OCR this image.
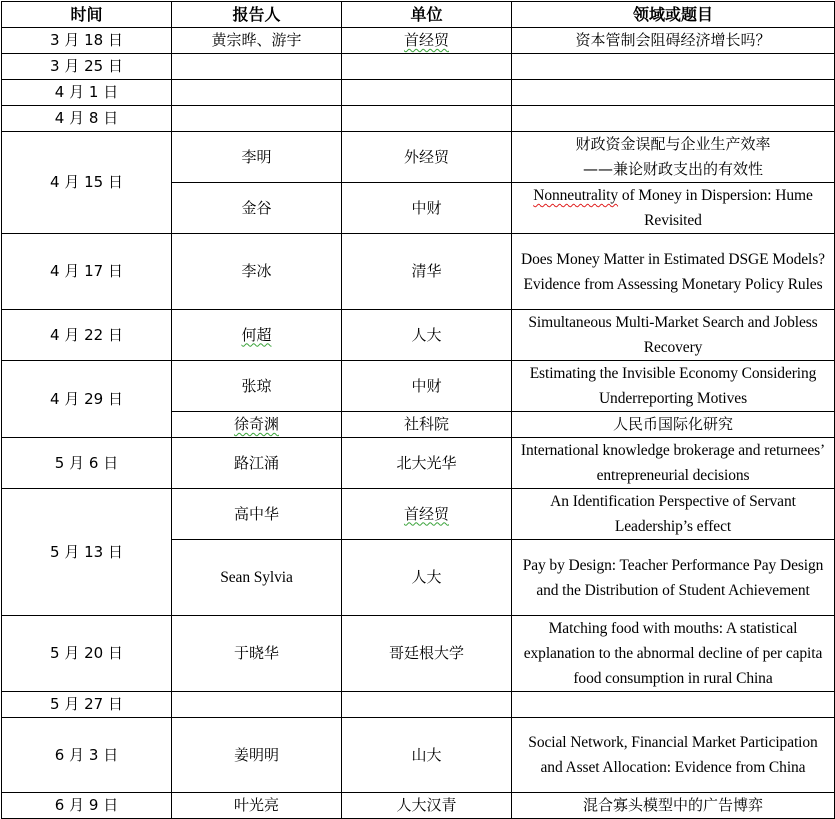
时间	报告人	单位	领域或题目
3 月 18 日	黄宗晔、游宇	首经贸	资本管制会阻碍经济增长吗？
3 月 25 日			
4 月 1 日			
4 月 8 日			
4 月 15 日	李明	外经贸	财政资金误配与企业生产效率
——兼论财政支出的有效性

	金谷	中财	Nonneutrality of Money in Dispersion: Hume Revisited
4 月 17 日	李冰	清华	Does Money Matter in Estimated DSGE Models? Evidence from Assessing Monetary Policy Rules
4 月 22 日	何超	人大	Simultaneous Multi-Market Search and Jobless Recovery
4 月 29 日	张琼	中财	Estimating the Invisible Economy Considering Underreporting Motives
	徐奇渊	社科院	人民币国际化研究
5 月 6 日	路江涌	北大光华	International knowledge brokerage and returnees’ entrepreneurial decisions
5 月 13 日	高中华	首经贸	An Identification Perspective of Servant Leadership’s effect
	Sean Sylvia	人大	Pay by Design: Teacher Performance Pay Design and the Distribution of Student Achievement
5 月 20 日	于晓华	哥廷根大学	Matching food with mouths: A statistical explanation to the abnormal decline of per capita food consumption in rural China
5 月 27 日			
6 月 3 日	姜明明	山大	Social Network, Financial Market Participation and Asset Allocation: Evidence from China
6 月 9 日	叶光亮	人大汉青	混合寡头模型中的广告博弈
